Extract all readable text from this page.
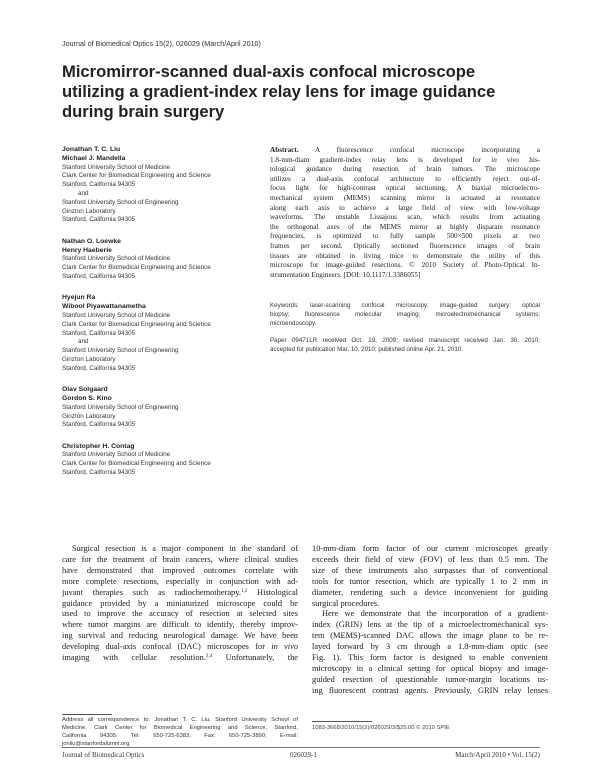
Journal of Biomedical Optics 15(2), 026029 (March/April 2010)
Micromirror-scanned dual-axis confocal microscope
utilizing a gradient-index relay lens for image guidance
during brain surgery
Jonathan T. C. Liu
Michael J. Mandella
Stanford University School of Medicine
Clark Center for Biomedical Engineering and Science
Stanford, California 94305
and
Stanford University School of Engineering
Ginzton Laboratory
Stanford, California 94305
Nathan O. Loewke
Henry Haeberle
Stanford University School of Medicine
Clark Center for Biomedical Engineering and Science
Stanford, California 94305
Hyejun Ra
Wibool Piyawattanametha
Stanford University School of Medicine
Clark Center for Biomedical Engineering and Science
Stanford, California 94305
and
Stanford University School of Engineering
Ginzton Laboratory
Stanford, California 94305
Olav Solgaard
Gordon S. Kino
Stanford University School of Engineering
Ginzton Laboratory
Stanford, California 94305
Christopher H. Contag
Stanford University School of Medicine
Clark Center for Biomedical Engineering and Science
Stanford, California 94305
Abstract. A fluorescence confocal microscope incorporating a
1.8-mm-diam gradient-index relay lens is developed for in vivo his-
tological guidance during resection of brain tumors. The microscope
utilizes a dual-axis confocal architecture to efficiently reject out-of-
focus light for high-contrast optical sectioning. A biaxial microelectro-
mechanical system (MEMS) scanning mirror is actuated at resonance
along each axis to achieve a large field of view with low-voltage
waveforms. The unstable Lissajous scan, which results from actuating
the orthogonal axes of the MEMS mirror at highly disparate resonance
frequencies, is optimized to fully sample 500×500 pixels at two
frames per second. Optically sectioned fluorescence images of brain
tissues are obtained in living mice to demonstrate the utility of this
microscope for image-guided resections. © 2010 Society of Photo-Optical In-
strumentation Engineers. [DOI: 10.1117/1.3386055]
Keywords: laser-scanning confocal microscopy; image-guided surgery; optical
biopsy; fluorescence molecular imaging; microelectromechanical systems;
microendoscopy.
Paper 09471LR received Oct. 19, 2009; revised manuscript received Jan. 30, 2010;
accepted for publication Mar. 10, 2010; published online Apr. 21, 2010.
Surgical resection is a major component in the standard of
care for the treatment of brain cancers, where clinical studies
have demonstrated that improved outcomes correlate with
more complete resections, especially in conjunction with ad-
juvant therapies such as radiochemotherapy.$^{1,2}$ Histological
guidance provided by a miniaturized microscope could be
used to improve the accuracy of resection at selected sites
where tumor margins are difficult to identify, thereby improv-
ing survival and reducing neurological damage. We have been
developing dual-axis confocal (DAC) microscopes for in vivo
imaging with cellular resolution.$^{3,4}$ Unfortunately, the
10-mm-diam form factor of our current microscopes greatly
exceeds their field of view (FOV) of less than 0.5 mm. The
size of these instruments also surpasses that of conventional
tools for tumor resection, which are typically 1 to 2 mm in
diameter, rendering such a device inconvenient for guiding
surgical procedures.
Here we demonstrate that the incorporation of a gradient-
index (GRIN) lens at the tip of a microelectromechanical sys-
tem (MEMS)-scanned DAC allows the image plane to be re-
layed forward by 3 cm through a 1.8-mm-diam optic (see
Fig. 1). This form factor is designed to enable convenient
microscopy in a clinical setting for optical biopsy and image-
guided resection of questionable tumor-margin locations us-
ing fluorescent contrast agents. Previously, GRIN relay lenses
Address all correspondence to: Jonathan T. C. Liu, Stanford University School of
Medicine, Clark Center for Biomedical Engineering and Science, Stanford,
California 94305. Tel: 650-725-6383; Fax: 650-725-3890; E-mail:
jonliu@stanfordalumni.org
1083-3668/2010/15(2)/026029/3/$25.00 © 2010 SPIE
Journal of Biomedical Optics	026029-1	March/April 2010 • Vol. 15(2)
